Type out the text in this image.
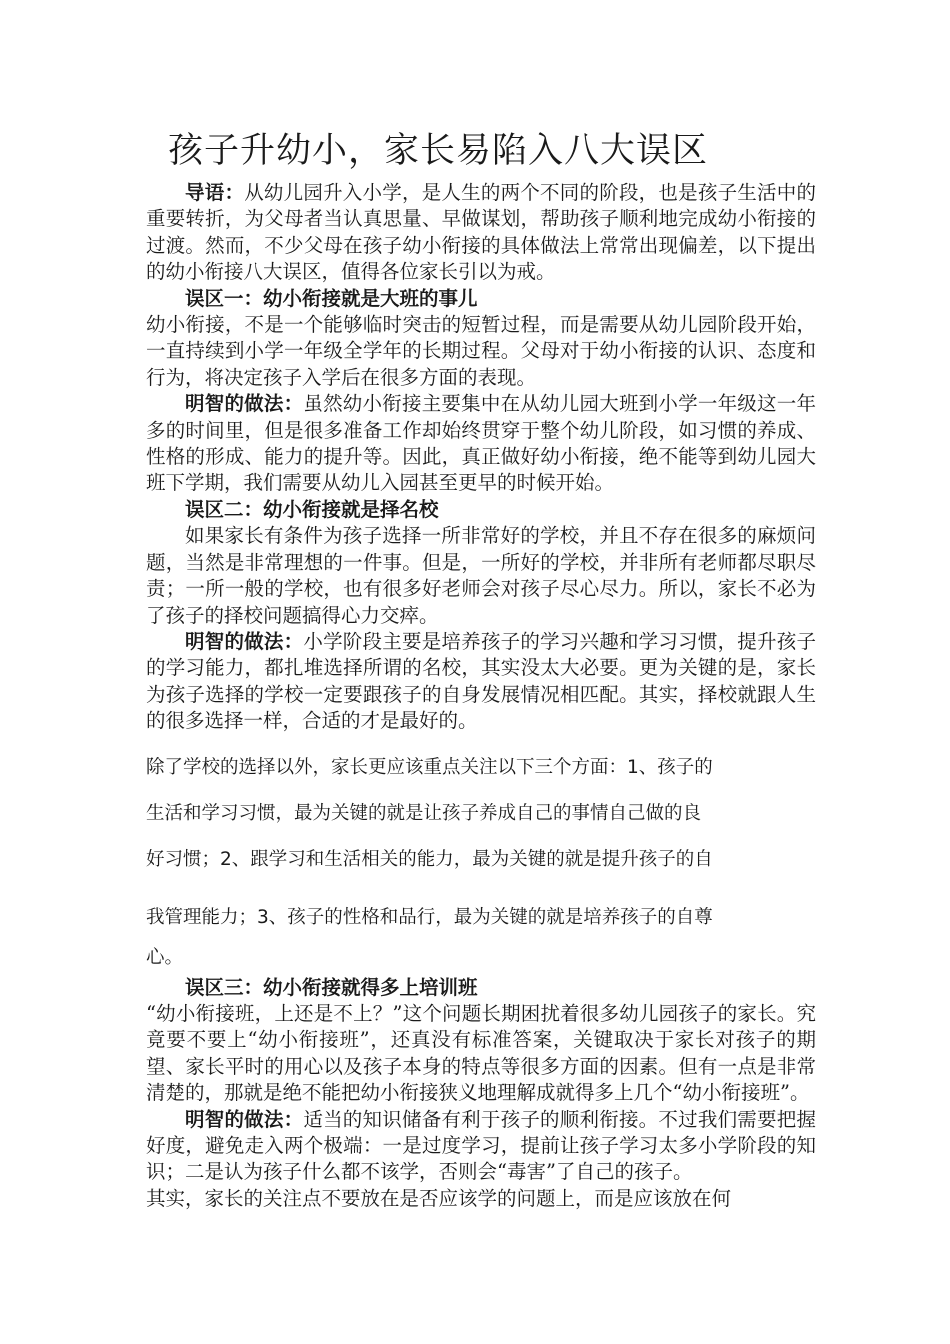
孩子升幼小，家长易陷入八大误区

导语：从幼儿园升入小学，是人生的两个不同的阶段，也是孩子生活中的重要转折，为父母者当认真思量、早做谋划，帮助孩子顺利地完成幼小衔接的过渡。然而，不少父母在孩子幼小衔接的具体做法上常常出现偏差，以下提出的幼小衔接八大误区，值得各位家长引以为戒。

误区一：幼小衔接就是大班的事儿

幼小衔接，不是一个能够临时突击的短暂过程，而是需要从幼儿园阶段开始，一直持续到小学一年级全学年的长期过程。父母对于幼小衔接的认识、态度和行为，将决定孩子入学后在很多方面的表现。

明智的做法：虽然幼小衔接主要集中在从幼儿园大班到小学一年级这一年多的时间里，但是很多准备工作却始终贯穿于整个幼儿阶段，如习惯的养成、性格的形成、能力的提升等。因此，真正做好幼小衔接，绝不能等到幼儿园大班下学期，我们需要从幼儿入园甚至更早的时候开始。

误区二：幼小衔接就是择名校

如果家长有条件为孩子选择一所非常好的学校，并且不存在很多的麻烦问题，当然是非常理想的一件事。但是，一所好的学校，并非所有老师都尽职尽责；一所一般的学校，也有很多好老师会对孩子尽心尽力。所以，家长不必为了孩子的择校问题搞得心力交瘁。

明智的做法：小学阶段主要是培养孩子的学习兴趣和学习习惯，提升孩子的学习能力，都扎堆选择所谓的名校，其实没太大必要。更为关键的是，家长为孩子选择的学校一定要跟孩子的自身发展情况相匹配。其实，择校就跟人生的很多选择一样，合适的才是最好的。

除了学校的选择以外，家长更应该重点关注以下三个方面：1、孩子的

生活和学习习惯，最为关键的就是让孩子养成自己的事情自己做的良

好习惯；2、跟学习和生活相关的能力，最为关键的就是提升孩子的自

我管理能力；3、孩子的性格和品行，最为关键的就是培养孩子的自尊

心。

误区三：幼小衔接就得多上培训班

“幼小衔接班，上还是不上？”这个问题长期困扰着很多幼儿园孩子的家长。究竟要不要上“幼小衔接班”，还真没有标准答案，关键取决于家长对孩子的期望、家长平时的用心以及孩子本身的特点等很多方面的因素。但有一点是非常清楚的，那就是绝不能把幼小衔接狭义地理解成就得多上几个“幼小衔接班”。

明智的做法：适当的知识储备有利于孩子的顺利衔接。不过我们需要把握好度，避免走入两个极端：一是过度学习，提前让孩子学习太多小学阶段的知识；二是认为孩子什么都不该学，否则会“毒害”了自己的孩子。

其实，家长的关注点不要放在是否应该学的问题上，而是应该放在何
